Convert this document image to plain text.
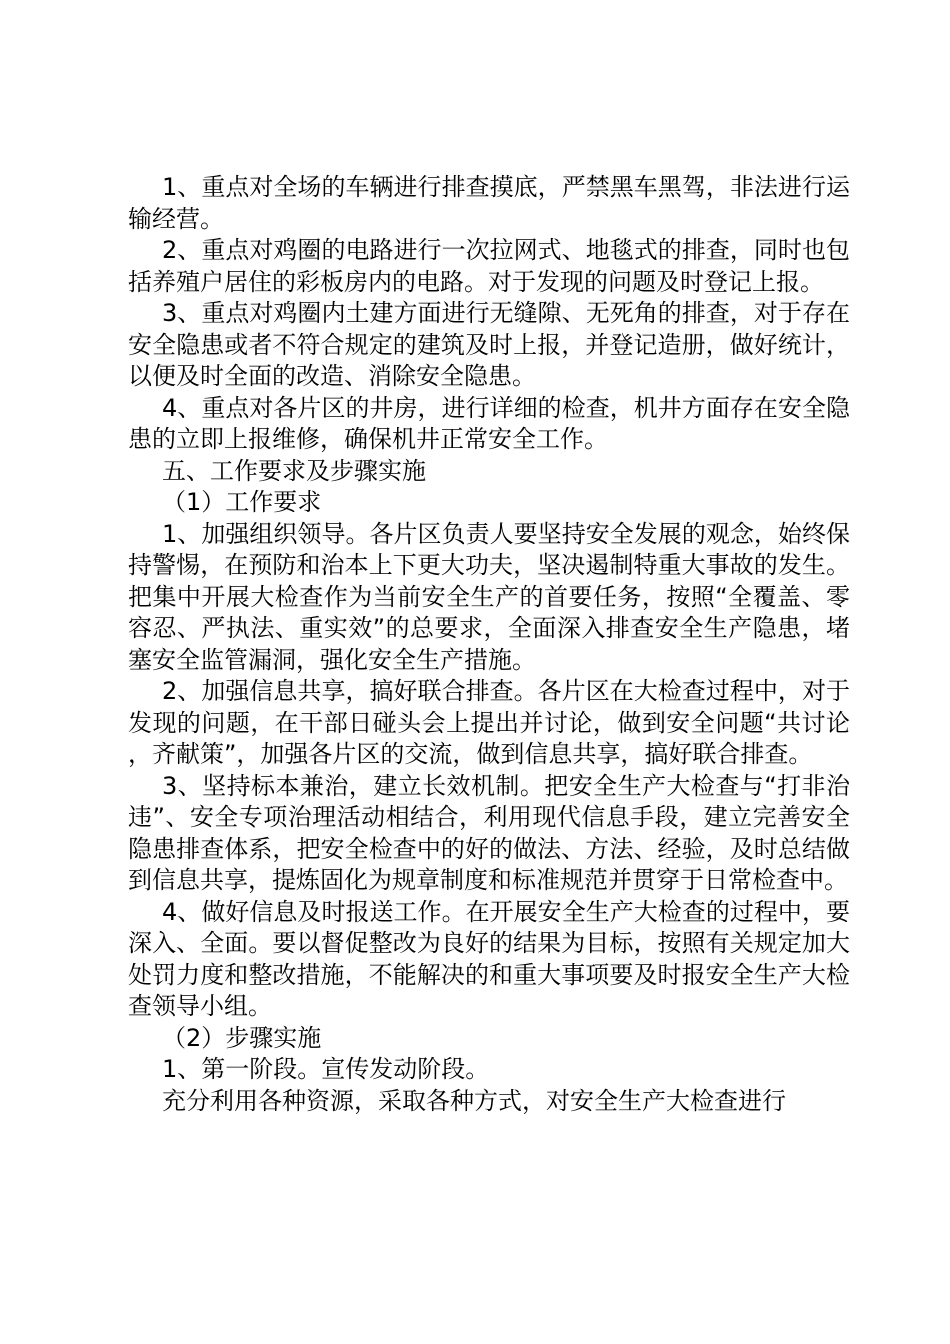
1、重点对全场的车辆进行排查摸底，严禁黑车黑驾，非法进行运输经营。

2、重点对鸡圈的电路进行一次拉网式、地毯式的排查，同时也包括养殖户居住的彩板房内的电路。对于发现的问题及时登记上报。

3、重点对鸡圈内土建方面进行无缝隙、无死角的排查，对于存在安全隐患或者不符合规定的建筑及时上报，并登记造册，做好统计，以便及时全面的改造、消除安全隐患。

4、重点对各片区的井房，进行详细的检查，机井方面存在安全隐患的立即上报维修，确保机井正常安全工作。

五、工作要求及步骤实施

（1）工作要求

1、加强组织领导。各片区负责人要坚持安全发展的观念，始终保持警惕，在预防和治本上下更大功夫，坚决遏制特重大事故的发生。把集中开展大检查作为当前安全生产的首要任务，按照“全覆盖、零容忍、严执法、重实效”的总要求，全面深入排查安全生产隐患，堵塞安全监管漏洞，强化安全生产措施。

2、加强信息共享，搞好联合排查。各片区在大检查过程中，对于发现的问题，在干部日碰头会上提出并讨论，做到安全问题“共讨论，齐献策”，加强各片区的交流，做到信息共享，搞好联合排查。

3、坚持标本兼治，建立长效机制。把安全生产大检查与“打非治违”、安全专项治理活动相结合，利用现代信息手段，建立完善安全隐患排查体系，把安全检查中的好的做法、方法、经验，及时总结做到信息共享，提炼固化为规章制度和标准规范并贯穿于日常检查中。

4、做好信息及时报送工作。在开展安全生产大检查的过程中，要深入、全面。要以督促整改为良好的结果为目标，按照有关规定加大处罚力度和整改措施，不能解决的和重大事项要及时报安全生产大检查领导小组。

（2）步骤实施

1、第一阶段。宣传发动阶段。

充分利用各种资源，采取各种方式，对安全生产大检查进行
